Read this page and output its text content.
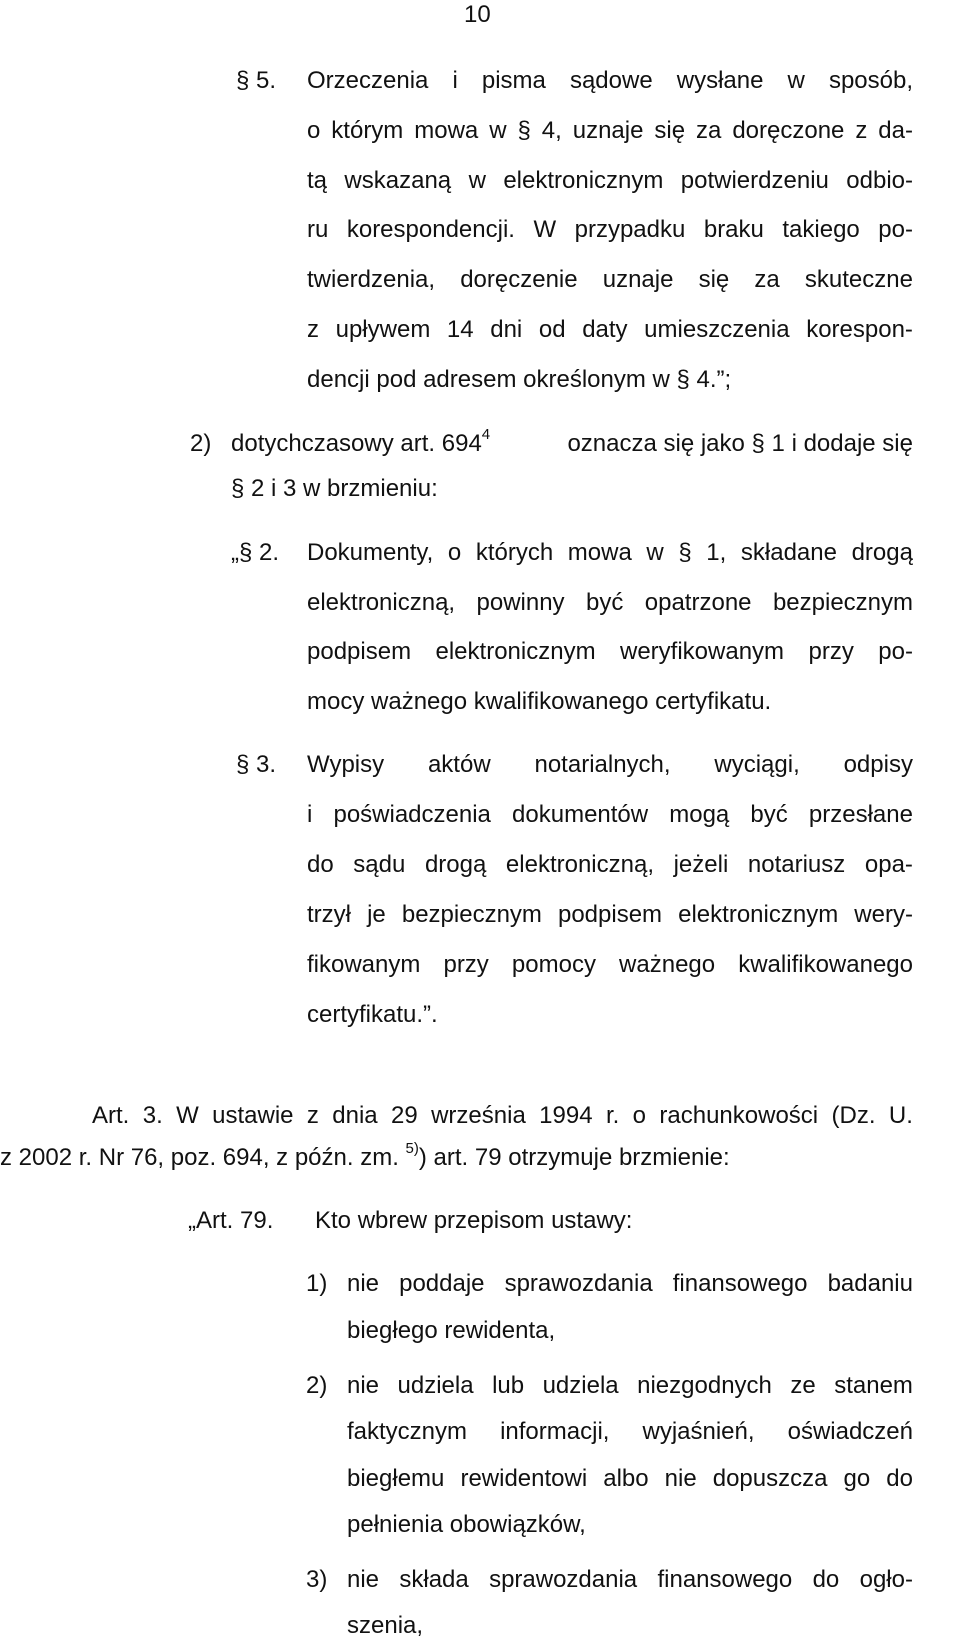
10
§ 5. Orzeczenia i pisma sądowe wysłane w sposób,
o którym mowa w § 4, uznaje się za doręczone z da-
tą wskazaną w elektronicznym potwierdzeniu odbio-
ru korespondencji. W przypadku braku takiego po-
twierdzenia, doręczenie uznaje się za skuteczne
z upływem 14 dni od daty umieszczenia korespon-
dencji pod adresem określonym w § 4.”;
2) dotychczasowy art. $694^4$	oznacza się jako § 1 i dodaje się
§ 2 i 3 w brzmieniu:
„§ 2. Dokumenty, o których mowa w § 1, składane drogą
elektroniczną, powinny być opatrzone bezpiecznym
podpisem elektronicznym weryfikowanym przy po-
mocy ważnego kwalifikowanego certyfikatu.
§ 3. Wypisy aktów notarialnych, wyciągi, odpisy
i poświadczenia dokumentów mogą być przesłane
do sądu drogą elektroniczną, jeżeli notariusz opa-
trzył je bezpiecznym podpisem elektronicznym wery-
fikowanym przy pomocy ważnego kwalifikowanego
certyfikatu.”.
Art. 3. W ustawie z dnia 29 września 1994 r. o rachunkowości (Dz. U.
z 2002 r. Nr 76, poz. 694, z późn. zm. $^{5)}$) art. 79 otrzymuje brzmienie:
„Art. 79. Kto wbrew przepisom ustawy:
1) nie poddaje sprawozdania finansowego badaniu
biegłego rewidenta,
2) nie udziela lub udziela niezgodnych ze stanem
faktycznym informacji, wyjaśnień, oświadczeń
biegłemu rewidentowi albo nie dopuszcza go do
pełnienia obowiązków,
3) nie składa sprawozdania finansowego do ogło-
szenia,
